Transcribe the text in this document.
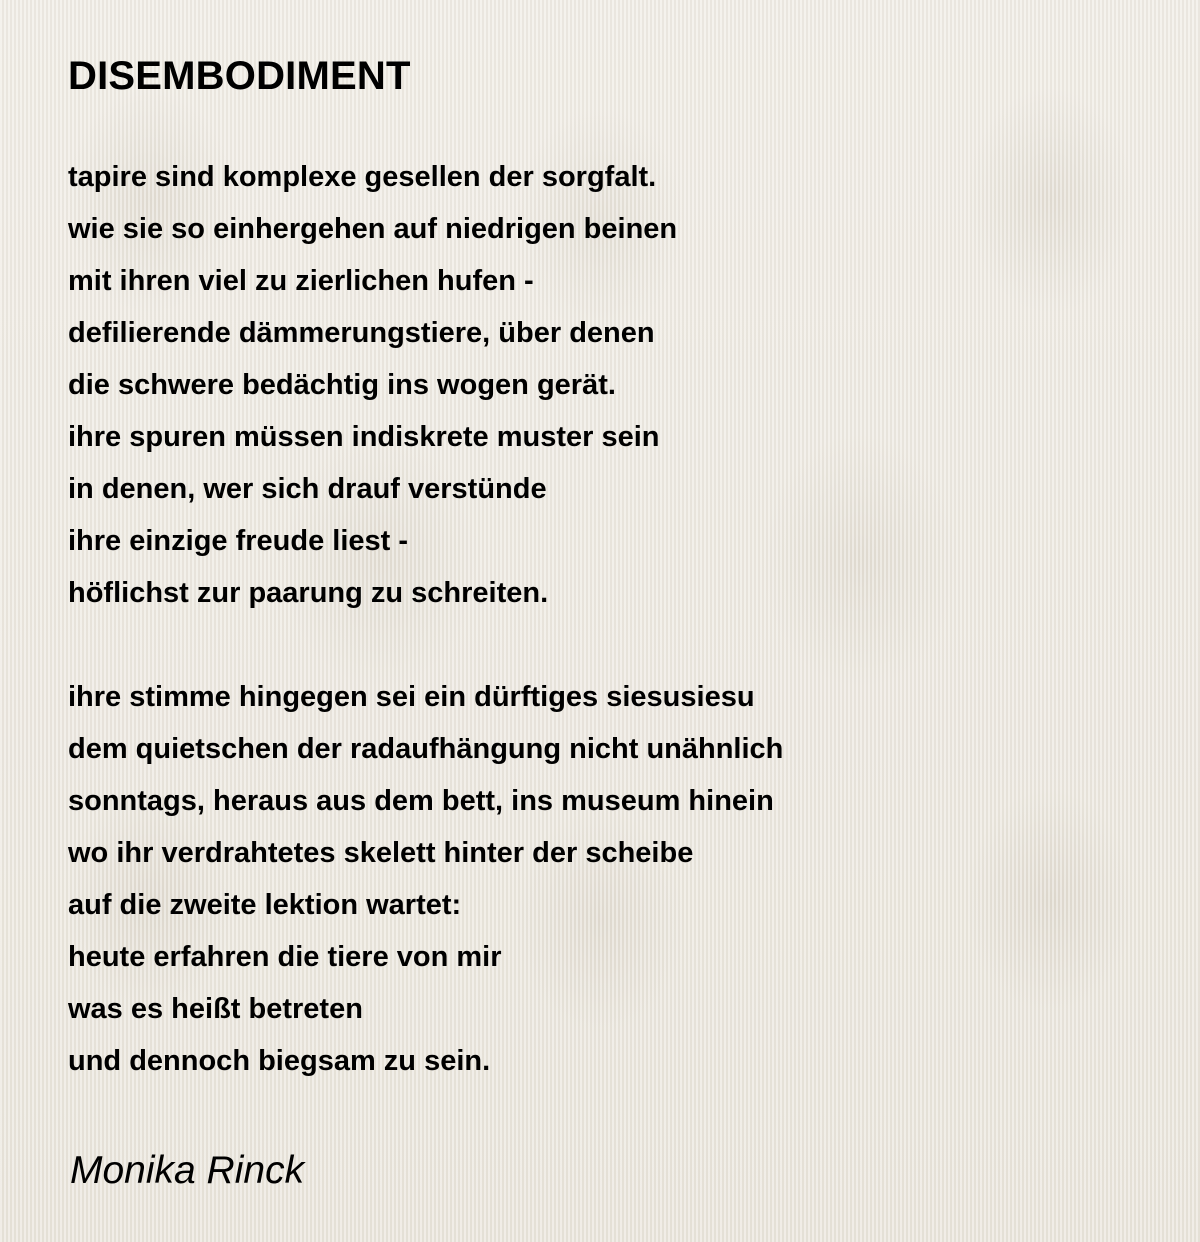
DISEMBODIMENT
tapire sind komplexe gesellen der sorgfalt.
wie sie so einhergehen auf niedrigen beinen
mit ihren viel zu zierlichen hufen -
defilierende dämmerungstiere, über denen
die schwere bedächtig ins wogen gerät.
ihre spuren müssen indiskrete muster sein
in denen, wer sich drauf verstünde
ihre einzige freude liest -
höflichst zur paarung zu schreiten.
ihre stimme hingegen sei ein dürftiges siesusiesu
dem quietschen der radaufhängung nicht unähnlich
sonntags, heraus aus dem bett, ins museum hinein
wo ihr verdrahtetes skelett hinter der scheibe
auf die zweite lektion wartet:
heute erfahren die tiere von mir
was es heißt betreten
und dennoch biegsam zu sein.
Monika Rinck
